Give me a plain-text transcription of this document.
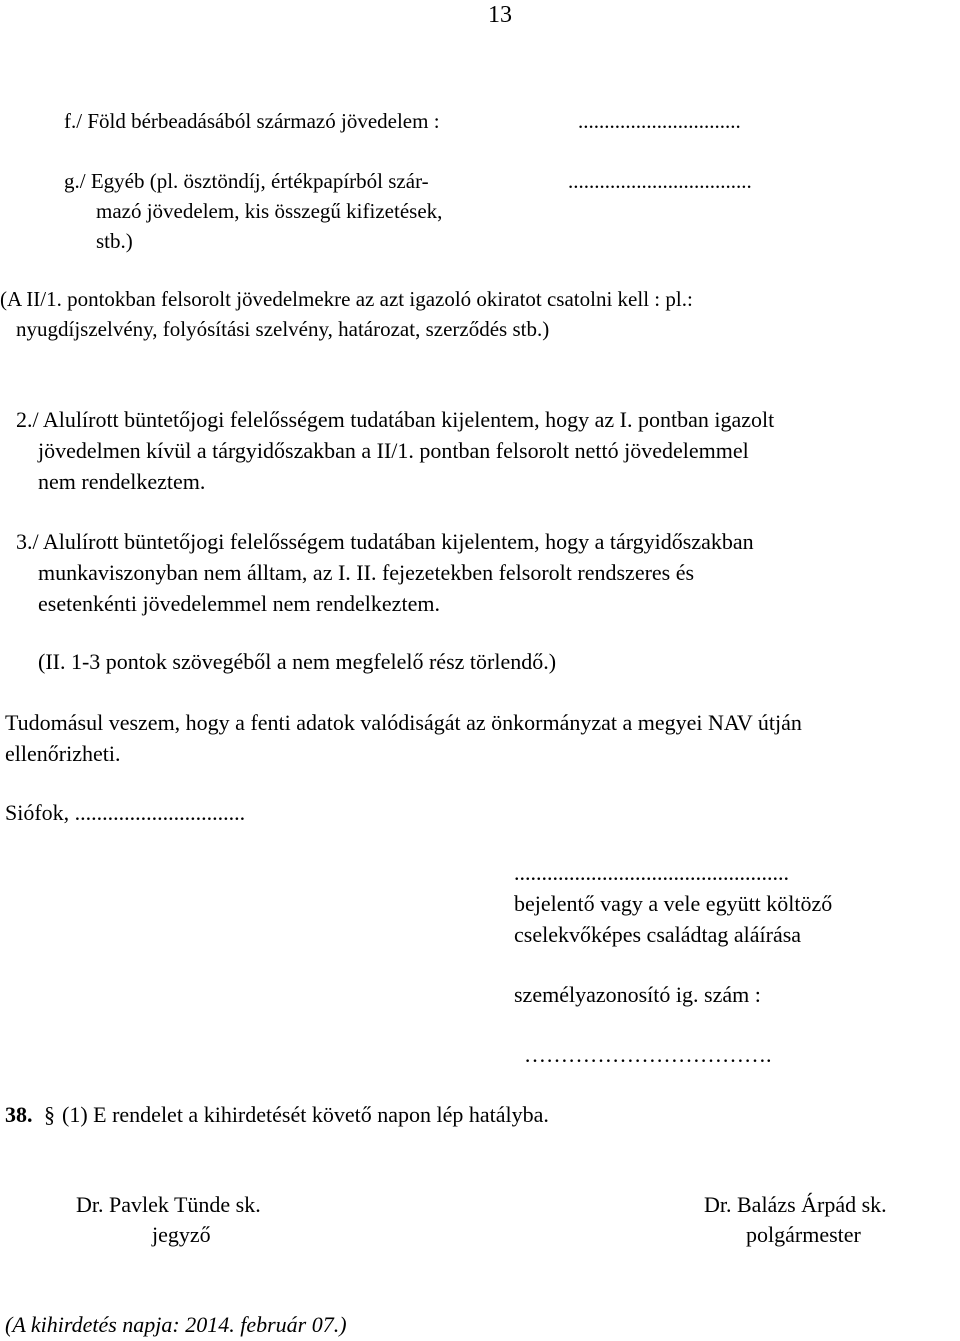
13
f./ Föld bérbeadásából származó jövedelem :	...............................
g./ Egyéb (pl. ösztöndíj, értékpapírból szár-	...................................
mazó jövedelem, kis összegű kifizetések,
stb.)
(A II/1. pontokban felsorolt jövedelmekre az azt igazoló okiratot csatolni kell : pl.:
nyugdíjszelvény, folyósítási szelvény, határozat, szerződés stb.)
2./ Alulírott büntetőjogi felelősségem tudatában kijelentem, hogy az I. pontban igazolt
jövedelmen kívül a tárgyidőszakban a II/1. pontban felsorolt nettó jövedelemmel
nem rendelkeztem.
3./ Alulírott büntetőjogi felelősségem tudatában kijelentem, hogy a tárgyidőszakban
munkaviszonyban nem álltam, az I. II. fejezetekben felsorolt rendszeres és
esetenkénti jövedelemmel nem rendelkeztem.
(II. 1-3 pontok szövegéből a nem megfelelő rész törlendő.)
Tudomásul veszem, hogy a fenti adatok valódiságát az önkormányzat a megyei NAV útján
ellenőrizheti.
Siófok, ...............................
..................................................
bejelentő vagy a vele együtt költöző
cselekvőképes családtag aláírása
személyazonosító ig. szám :
…………………………….
38. § (1) E rendelet a kihirdetését követő napon lép hatályba.
Dr. Pavlek Tünde sk.
jegyző
Dr. Balázs Árpád sk.
polgármester
(A kihirdetés napja: 2014. február 07.)
